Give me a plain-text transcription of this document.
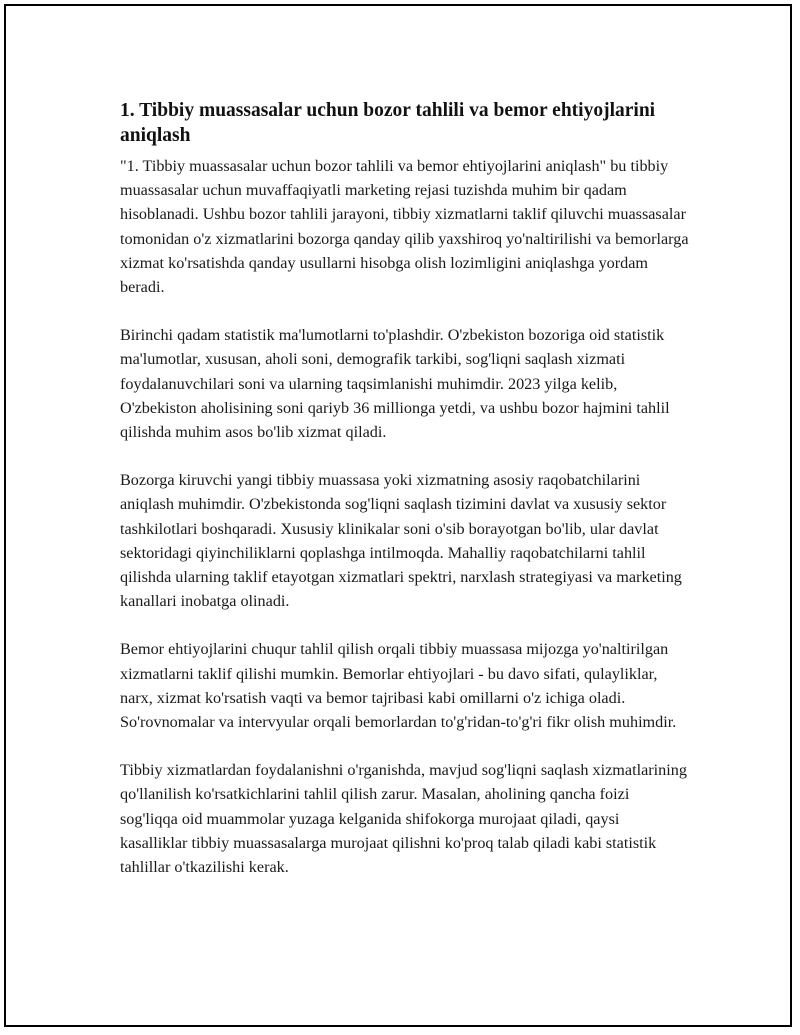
1. Tibbiy muassasalar uchun bozor tahlili va bemor ehtiyojlarini aniqlash

"1. Tibbiy muassasalar uchun bozor tahlili va bemor ehtiyojlarini aniqlash" bu tibbiy muassasalar uchun muvaffaqiyatli marketing rejasi tuzishda muhim bir qadam hisoblanadi. Ushbu bozor tahlili jarayoni, tibbiy xizmatlarni taklif qiluvchi muassasalar tomonidan o'z xizmatlarini bozorga qanday qilib yaxshiroq yo'naltirilishi va bemorlarga xizmat ko'rsatishda qanday usullarni hisobga olish lozimligini aniqlashga yordam beradi.

Birinchi qadam statistik ma'lumotlarni to'plashdir. O'zbekiston bozoriga oid statistik ma'lumotlar, xususan, aholi soni, demografik tarkibi, sog'liqni saqlash xizmati foydalanuvchilari soni va ularning taqsimlanishi muhimdir. 2023 yilga kelib, O'zbekiston aholisining soni qariyb 36 millionga yetdi, va ushbu bozor hajmini tahlil qilishda muhim asos bo'lib xizmat qiladi.

Bozorga kiruvchi yangi tibbiy muassasa yoki xizmatning asosiy raqobatchilarini aniqlash muhimdir. O'zbekistonda sog'liqni saqlash tizimini davlat va xususiy sektor tashkilotlari boshqaradi. Xususiy klinikalar soni o'sib borayotgan bo'lib, ular davlat sektoridagi qiyinchiliklarni qoplashga intilmoqda. Mahalliy raqobatchilarni tahlil qilishda ularning taklif etayotgan xizmatlari spektri, narxlash strategiyasi va marketing kanallari inobatga olinadi.

Bemor ehtiyojlarini chuqur tahlil qilish orqali tibbiy muassasa mijozga yo'naltirilgan xizmatlarni taklif qilishi mumkin. Bemorlar ehtiyojlari - bu davo sifati, qulayliklar, narx, xizmat ko'rsatish vaqti va bemor tajribasi kabi omillarni o'z ichiga oladi. So'rovnomalar va intervyular orqali bemorlardan to'g'ridan-to'g'ri fikr olish muhimdir.

Tibbiy xizmatlardan foydalanishni o'rganishda, mavjud sog'liqni saqlash xizmatlarining qo'llanilish ko'rsatkichlarini tahlil qilish zarur. Masalan, aholining qancha foizi sog'liqqa oid muammolar yuzaga kelganida shifokorga murojaat qiladi, qaysi kasalliklar tibbiy muassasalarga murojaat qilishni ko'proq talab qiladi kabi statistik tahlillar o'tkazilishi kerak.
